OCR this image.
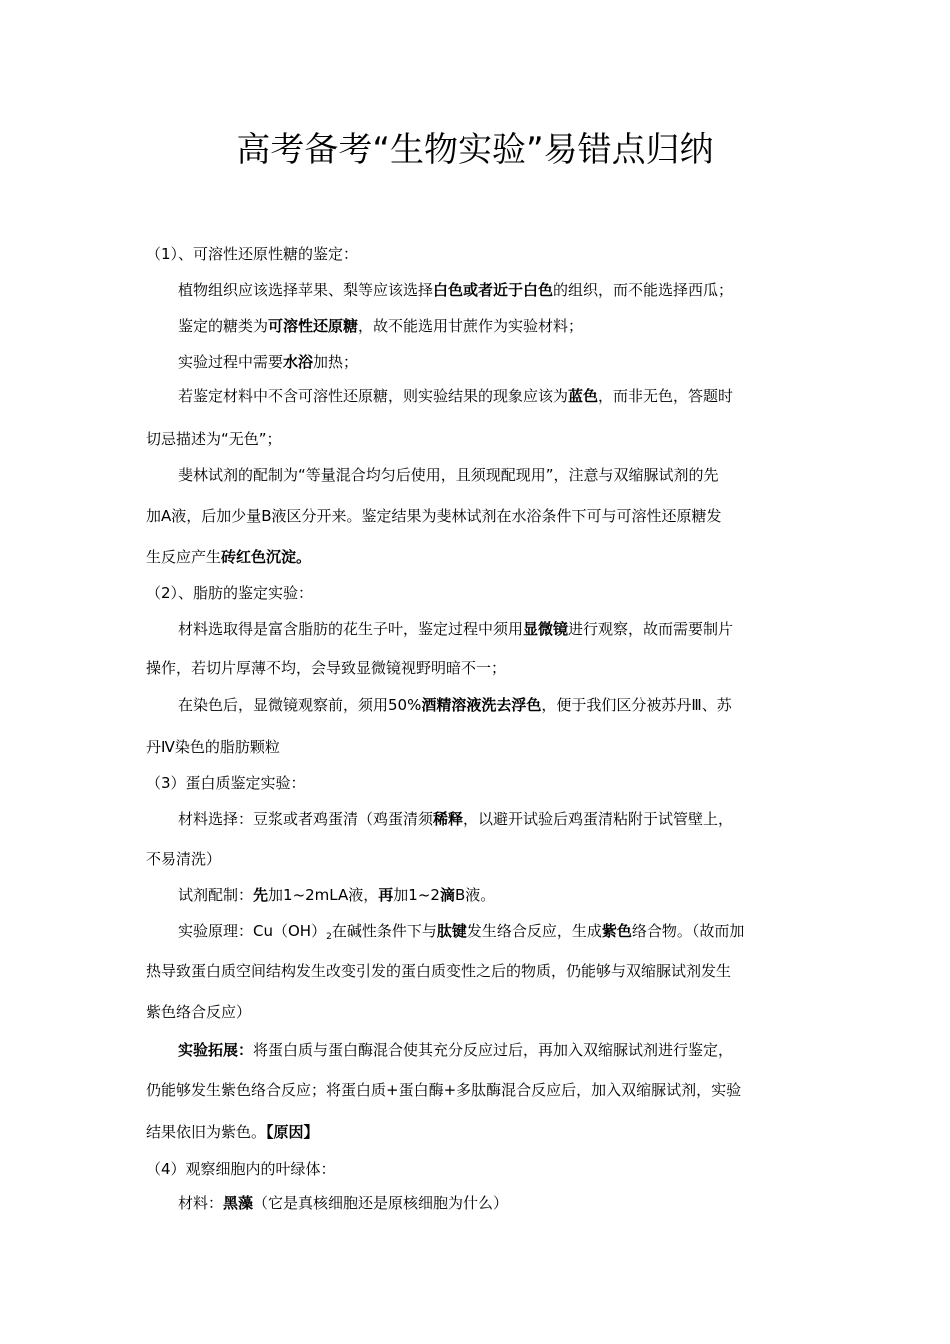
高考备考“生物实验”易错点归纳
（1）、可溶性还原性糖的鉴定：
植物组织应该选择苹果、梨等应该选择白色或者近于白色的组织，而不能选择西瓜；
鉴定的糖类为可溶性还原糖，故不能选用甘蔗作为实验材料；
实验过程中需要水浴加热；
若鉴定材料中不含可溶性还原糖，则实验结果的现象应该为蓝色，而非无色，答题时
切忌描述为“无色”；
斐林试剂的配制为“等量混合均匀后使用，且须现配现用”，注意与双缩脲试剂的先
加A液，后加少量B液区分开来。鉴定结果为斐林试剂在水浴条件下可与可溶性还原糖发
生反应产生砖红色沉淀。
（2）、脂肪的鉴定实验：
材料选取得是富含脂肪的花生子叶，鉴定过程中须用显微镜进行观察，故而需要制片
操作，若切片厚薄不均，会导致显微镜视野明暗不一；
在染色后，显微镜观察前，须用50%酒精溶液洗去浮色，便于我们区分被苏丹Ⅲ、苏
丹Ⅳ染色的脂肪颗粒
（3）蛋白质鉴定实验：
材料选择：豆浆或者鸡蛋清（鸡蛋清须稀释，以避开试验后鸡蛋清粘附于试管壁上，
不易清洗）
试剂配制：先加1~2mLA液，再加1~2滴B液。
实验原理：$Cu(OH)_2$在碱性条件下与肽键发生络合反应，生成紫色络合物。（故而加
热导致蛋白质空间结构发生改变引发的蛋白质变性之后的物质，仍能够与双缩脲试剂发生
紫色络合反应）
实验拓展：将蛋白质与蛋白酶混合使其充分反应过后，再加入双缩脲试剂进行鉴定，
仍能够发生紫色络合反应；将蛋白质+蛋白酶+多肽酶混合反应后，加入双缩脲试剂，实验
结果依旧为紫色。【原因】
（4）观察细胞内的叶绿体：
材料：黑藻（它是真核细胞还是原核细胞为什么）
